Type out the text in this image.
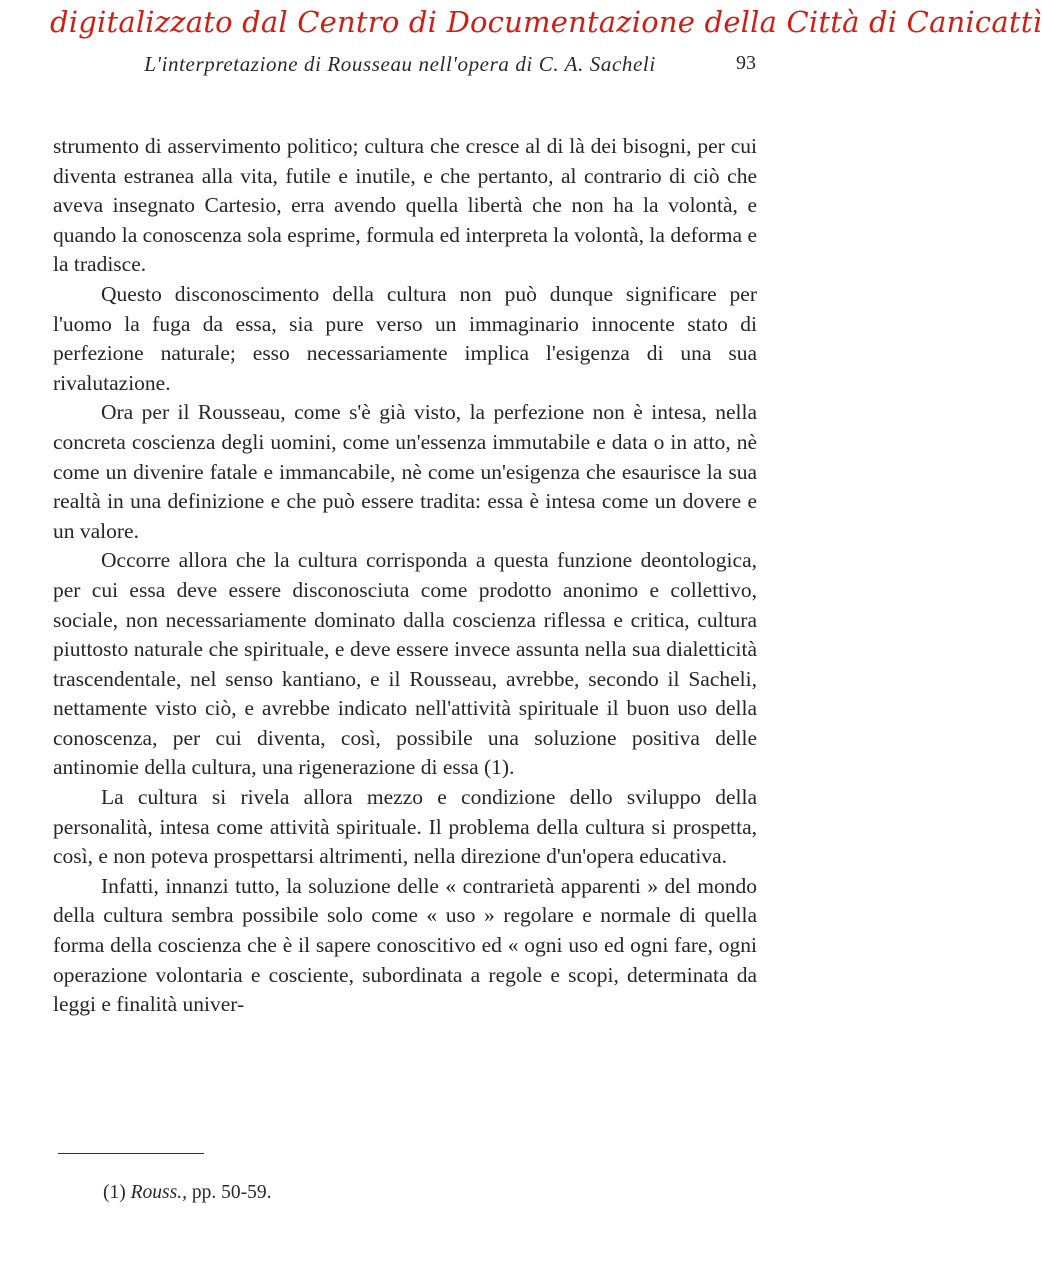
digitalizzato dal Centro di Documentazione della Città di Canicattì
L'interpretazione di Rousseau nell'opera di C. A. Sacheli	93

strumento di asservimento politico; cultura che cresce al di là dei bisogni, per cui diventa estranea alla vita, futile e inutile, e che pertanto, al contrario di ciò che aveva insegnato Cartesio, erra avendo quella libertà che non ha la volontà, e quando la conoscenza sola esprime, formula ed interpreta la volontà, la deforma e la tradisce.

Questo disconoscimento della cultura non può dunque significare per l'uomo la fuga da essa, sia pure verso un immaginario innocente stato di perfezione naturale; esso necessariamente implica l'esigenza di una sua rivalutazione.

Ora per il Rousseau, come s'è già visto, la perfezione non è intesa, nella concreta coscienza degli uomini, come un'essenza immutabile e data o in atto, nè come un divenire fatale e immancabile, nè come un'esigenza che esaurisce la sua realtà in una definizione e che può essere tradita: essa è intesa come un dovere e un valore.

Occorre allora che la cultura corrisponda a questa funzione deontologica, per cui essa deve essere disconosciuta come prodotto anonimo e collettivo, sociale, non necessariamente dominato dalla coscienza riflessa e critica, cultura piuttosto naturale che spirituale, e deve essere invece assunta nella sua dialetticità trascendentale, nel senso kantiano, e il Rousseau, avrebbe, secondo il Sacheli, nettamente visto ciò, e avrebbe indicato nell'attività spirituale il buon uso della conoscenza, per cui diventa, così, possibile una soluzione positiva delle antinomie della cultura, una rigenerazione di essa (1).

La cultura si rivela allora mezzo e condizione dello sviluppo della personalità, intesa come attività spirituale. Il problema della cultura si prospetta, così, e non poteva prospettarsi altrimenti, nella direzione d'un'opera educativa.

Infatti, innanzi tutto, la soluzione delle « contrarietà apparenti » del mondo della cultura sembra possibile solo come « uso » regolare e normale di quella forma della coscienza che è il sapere conoscitivo ed « ogni uso ed ogni fare, ogni operazione volontaria e cosciente, subordinata a regole e scopi, determinata da leggi e finalità univer-

(1) Rouss., pp. 50-59.
